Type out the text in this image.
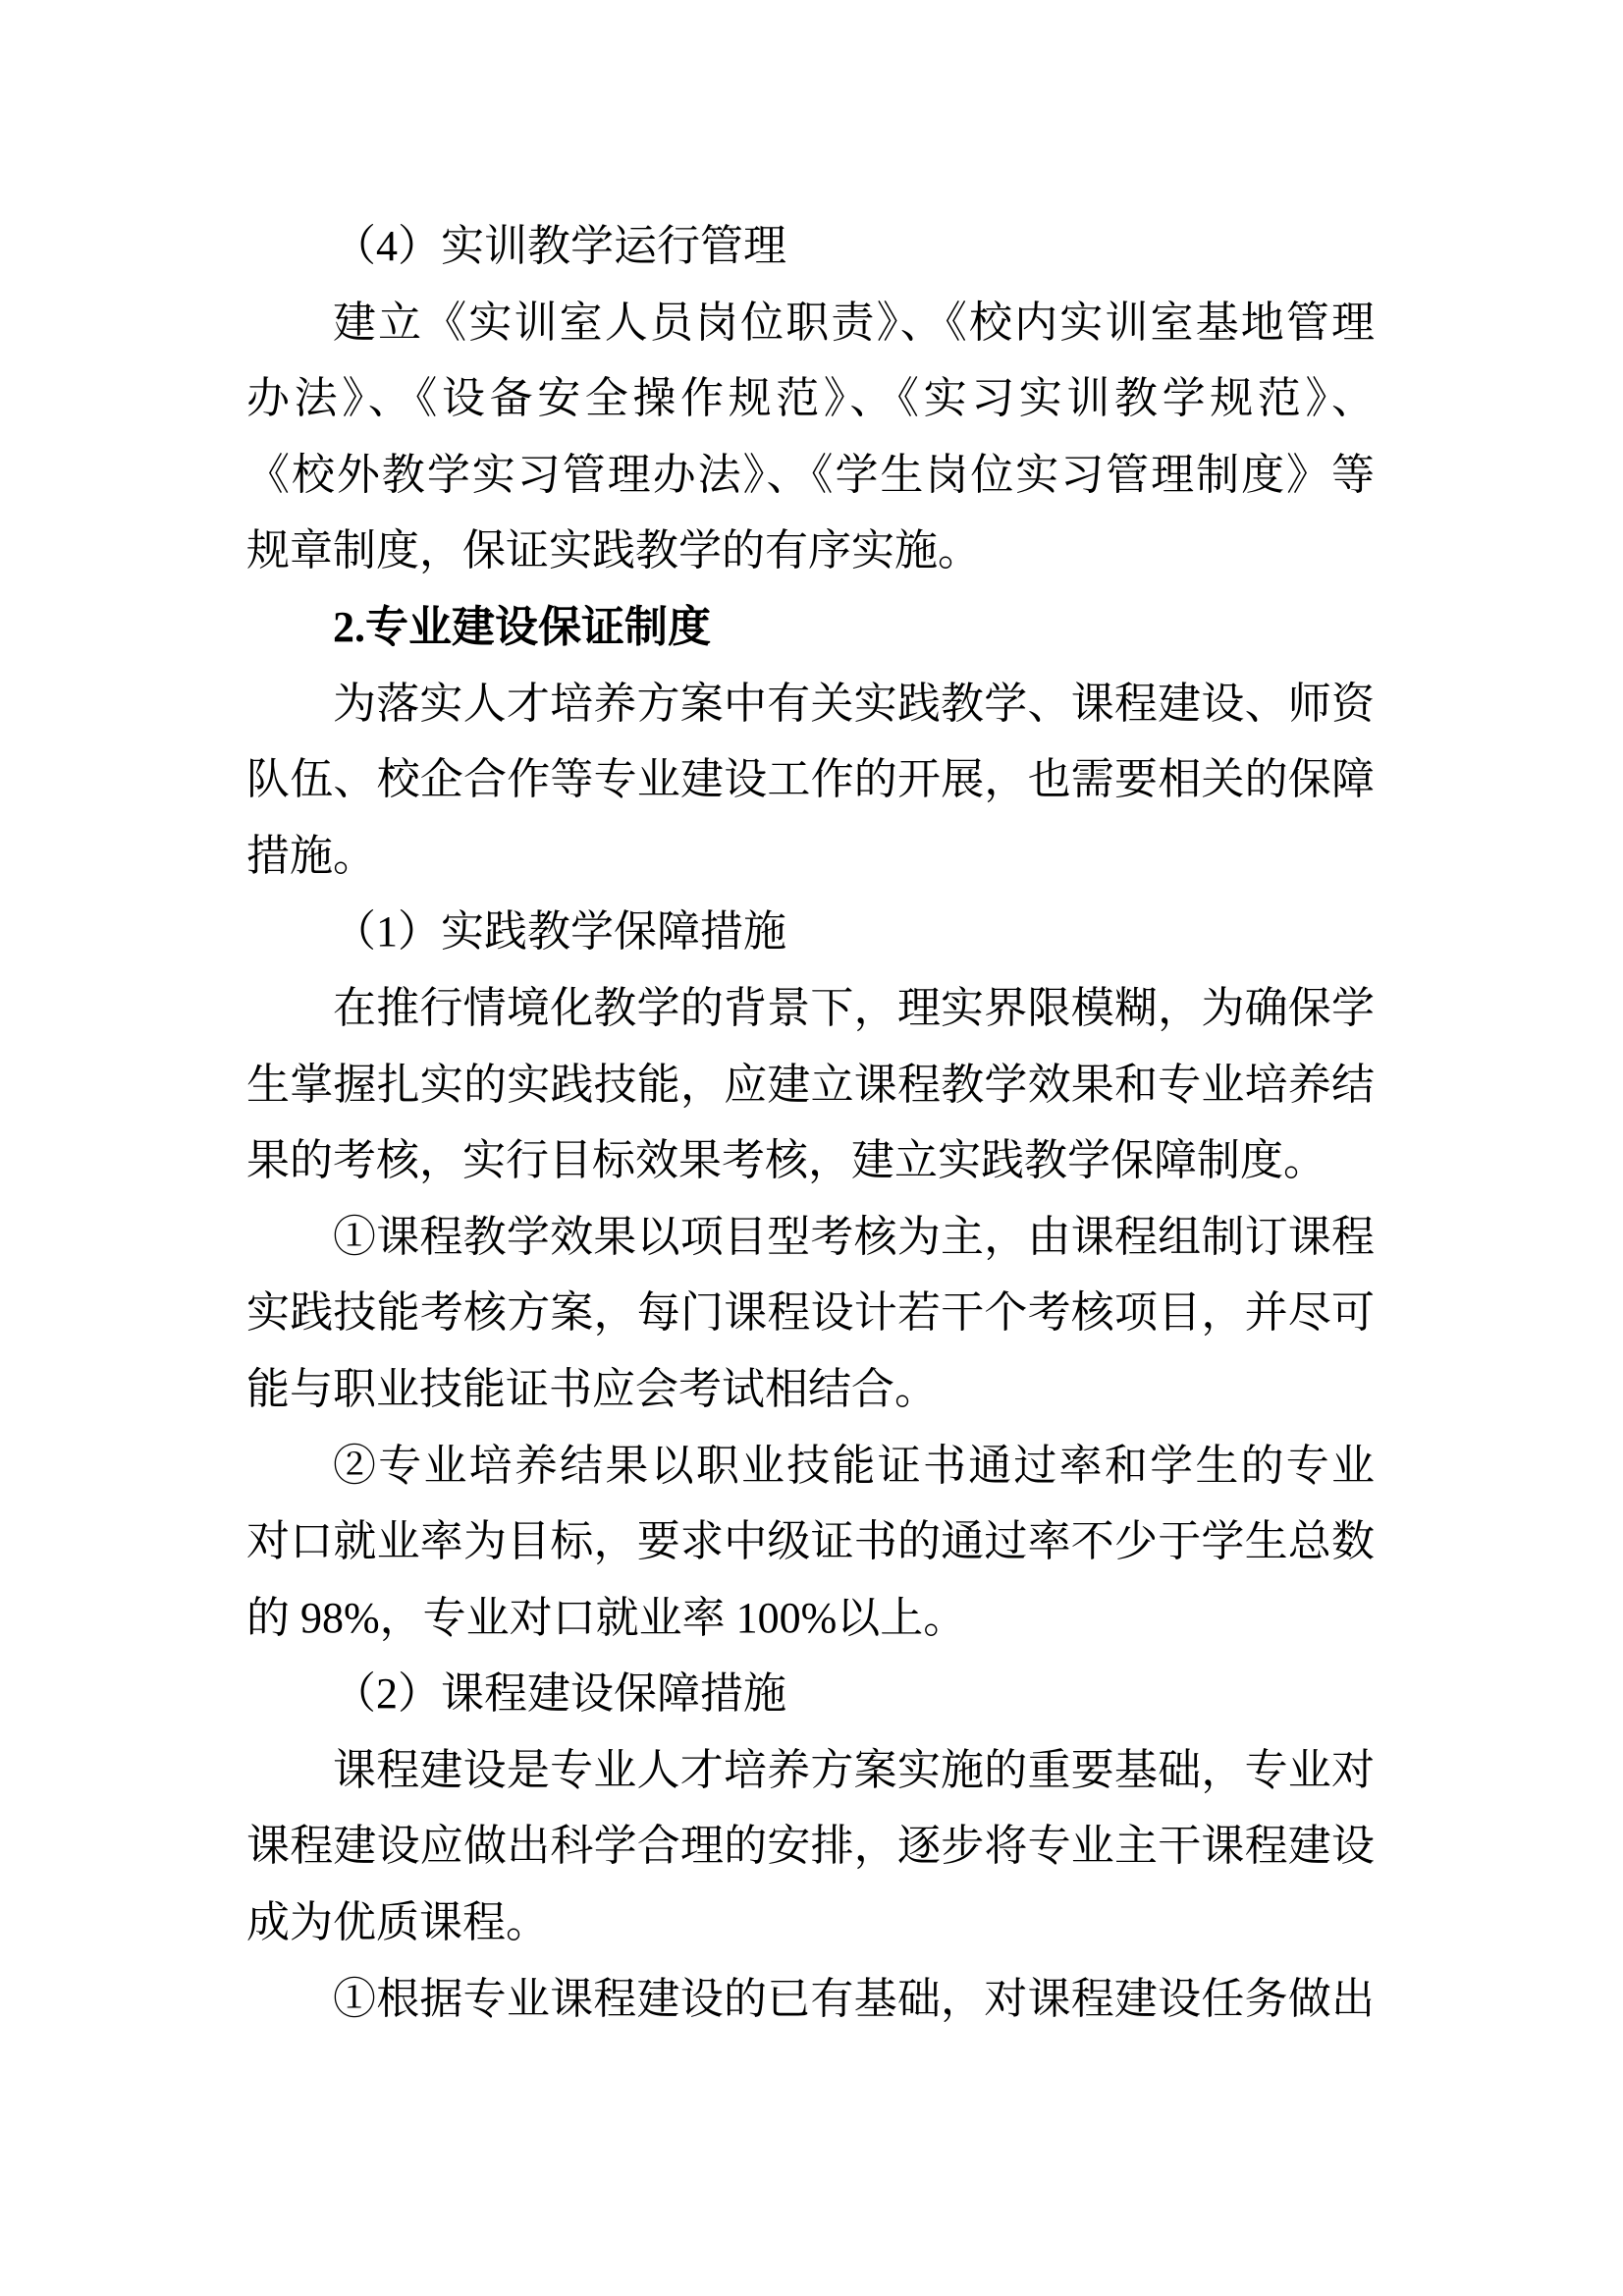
（4）实训教学运行管理
建立《实训室人员岗位职责》、《校内实训室基地管理
办法》、《设备安全操作规范》、《实习实训教学规范》、
《校外教学实习管理办法》、《学生岗位实习管理制度》等
规章制度，保证实践教学的有序实施。
2.专业建设保证制度
为落实人才培养方案中有关实践教学、课程建设、师资
队伍、校企合作等专业建设工作的开展，也需要相关的保障
措施。
（1）实践教学保障措施
在推行情境化教学的背景下，理实界限模糊，为确保学
生掌握扎实的实践技能，应建立课程教学效果和专业培养结
果的考核，实行目标效果考核，建立实践教学保障制度。
①课程教学效果以项目型考核为主，由课程组制订课程
实践技能考核方案，每门课程设计若干个考核项目，并尽可
能与职业技能证书应会考试相结合。
②专业培养结果以职业技能证书通过率和学生的专业
对口就业率为目标，要求中级证书的通过率不少于学生总数
的 98%，专业对口就业率 100%以上。
（2）课程建设保障措施
课程建设是专业人才培养方案实施的重要基础，专业对
课程建设应做出科学合理的安排，逐步将专业主干课程建设
成为优质课程。
①根据专业课程建设的已有基础，对课程建设任务做出
